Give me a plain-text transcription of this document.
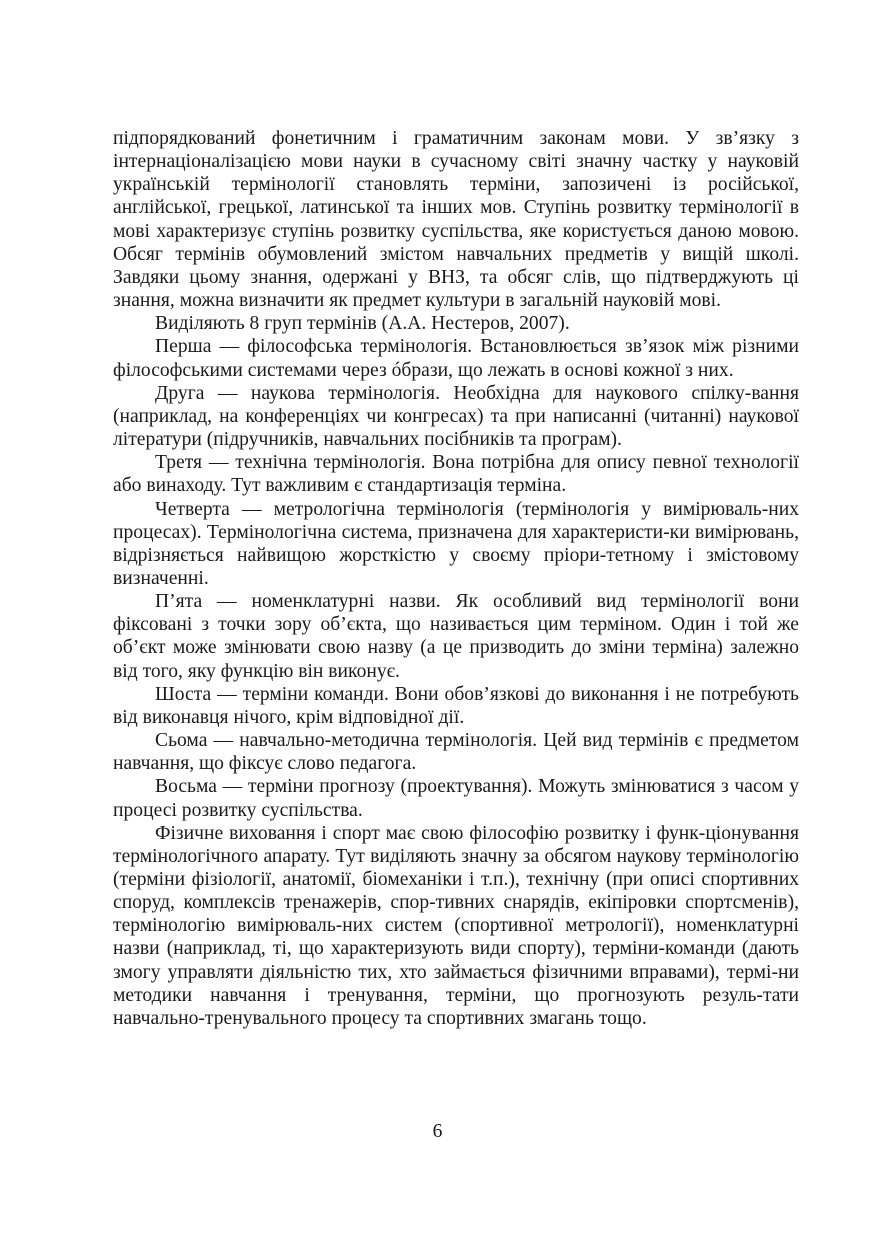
підпорядкований фонетичним і граматичним законам мови. У зв’язку з інтернаціоналізацією мови науки в сучасному світі значну частку у науковій українській термінології становлять терміни, запозичені із російської, англійської, грецької, латинської та інших мов. Ступінь розвитку термінології в мові характеризує ступінь розвитку суспільства, яке користується даною мовою. Обсяг термінів обумовлений змістом навчальних предметів у вищій школі. Завдяки цьому знання, одержані у ВНЗ, та обсяг слів, що підтверджують ці знання, можна визначити як предмет культури в загальній науковій мові.

Виділяють 8 груп термінів (А.А. Нестеров, 2007).

Перша — філософська термінологія. Встановлюється зв’язок між різними філософськими системами через óбрази, що лежать в основі кожної з них.

Друга — наукова термінологія. Необхідна для наукового спілку-вання (наприклад, на конференціях чи конгресах) та при написанні (читанні) наукової літератури (підручників, навчальних посібників та програм).

Третя — технічна термінологія. Вона потрібна для опису певної технології або винаходу. Тут важливим є стандартизація терміна.

Четверта — метрологічна термінологія (термінологія у вимірюваль-них процесах). Термінологічна система, призначена для характеристи-ки вимірювань, відрізняється найвищою жорсткістю у своєму пріори-тетному і змістовому визначенні.

П’ята — номенклатурні назви. Як особливий вид термінології вони фіксовані з точки зору об’єкта, що називається цим терміном. Один і той же об’єкт може змінювати свою назву (а це призводить до зміни терміна) залежно від того, яку функцію він виконує.

Шоста — терміни команди. Вони обов’язкові до виконання і не потребують від виконавця нічого, крім відповідної дії.

Сьома — навчально-методична термінологія. Цей вид термінів є предметом навчання, що фіксує слово педагога.

Восьма — терміни прогнозу (проектування). Можуть змінюватися з часом у процесі розвитку суспільства.

Фізичне виховання і спорт має свою філософію розвитку і функ-ціонування термінологічного апарату. Тут виділяють значну за обсягом наукову термінологію (терміни фізіології, анатомії, біомеханіки і т.п.), технічну (при описі спортивних споруд, комплексів тренажерів, спор-тивних снарядів, екіпіровки спортсменів), термінологію вимірюваль-них систем (спортивної метрології), номенклатурні назви (наприклад, ті, що характеризують види спорту), терміни-команди (дають змогу управляти діяльністю тих, хто займається фізичними вправами), термі-ни методики навчання і тренування, терміни, що прогнозують резуль-тати навчально-тренувального процесу та спортивних змагань тощо.

6
